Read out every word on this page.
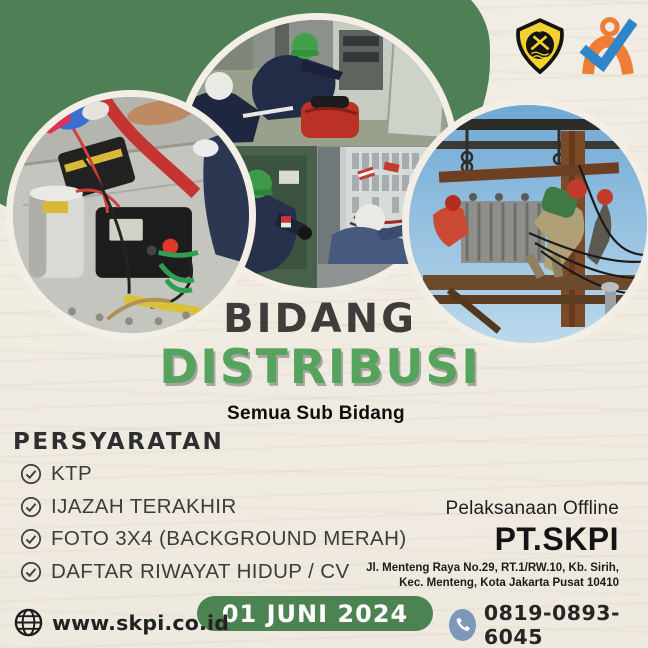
BIDANG
DISTRIBUSI
Semua Sub Bidang
PERSYARATAN
KTP
IJAZAH TERAKHIR
FOTO 3X4 (BACKGROUND MERAH)
DAFTAR RIWAYAT HIDUP / CV
Pelaksanaan Offline
PT.SKPI
Jl. Menteng Raya No.29, RT.1/RW.10, Kb. Sirih,
Kec. Menteng, Kota Jakarta Pusat 10410
01 JUNI 2024
www.skpi.co.id	0819-0893-6045
